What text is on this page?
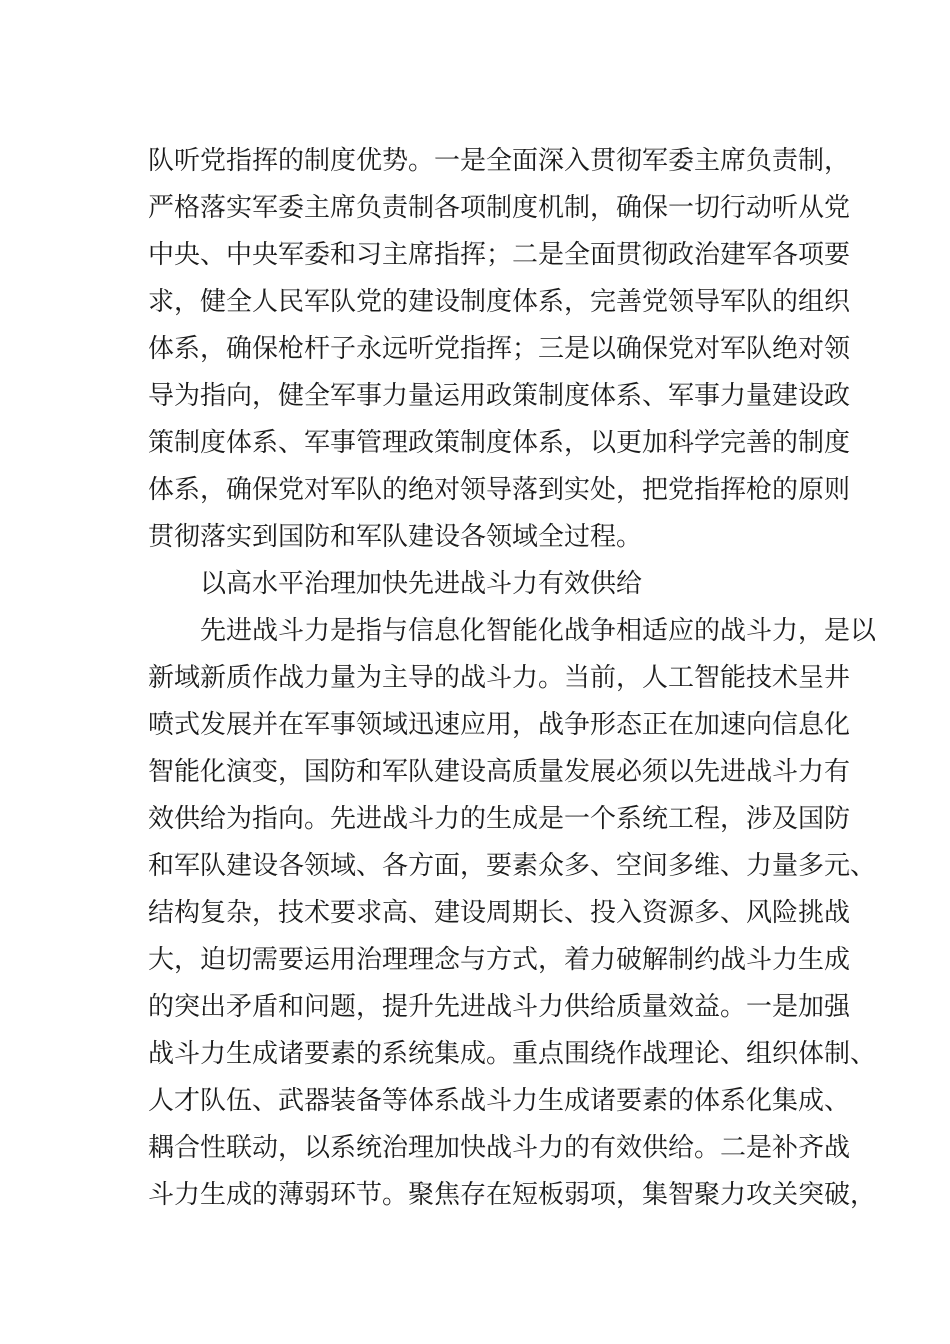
队听党指挥的制度优势。一是全面深入贯彻军委主席负责制，
严格落实军委主席负责制各项制度机制，确保一切行动听从党
中央、中央军委和习主席指挥；二是全面贯彻政治建军各项要
求，健全人民军队党的建设制度体系，完善党领导军队的组织
体系，确保枪杆子永远听党指挥；三是以确保党对军队绝对领
导为指向，健全军事力量运用政策制度体系、军事力量建设政
策制度体系、军事管理政策制度体系，以更加科学完善的制度
体系，确保党对军队的绝对领导落到实处，把党指挥枪的原则
贯彻落实到国防和军队建设各领域全过程。
以高水平治理加快先进战斗力有效供给
先进战斗力是指与信息化智能化战争相适应的战斗力，是以
新域新质作战力量为主导的战斗力。当前，人工智能技术呈井
喷式发展并在军事领域迅速应用，战争形态正在加速向信息化
智能化演变，国防和军队建设高质量发展必须以先进战斗力有
效供给为指向。先进战斗力的生成是一个系统工程，涉及国防
和军队建设各领域、各方面，要素众多、空间多维、力量多元、
结构复杂，技术要求高、建设周期长、投入资源多、风险挑战
大，迫切需要运用治理理念与方式，着力破解制约战斗力生成
的突出矛盾和问题，提升先进战斗力供给质量效益。一是加强
战斗力生成诸要素的系统集成。重点围绕作战理论、组织体制、
人才队伍、武器装备等体系战斗力生成诸要素的体系化集成、
耦合性联动，以系统治理加快战斗力的有效供给。二是补齐战
斗力生成的薄弱环节。聚焦存在短板弱项，集智聚力攻关突破，
